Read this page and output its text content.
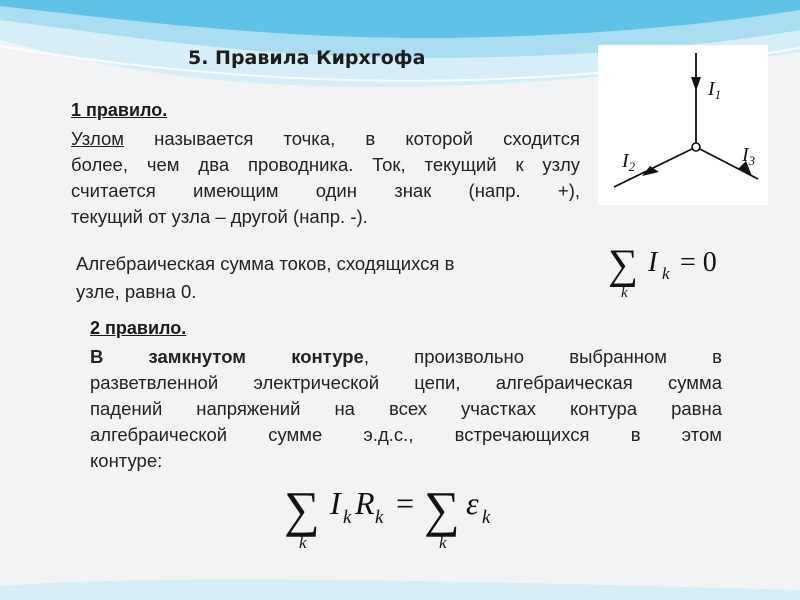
5. Правила Кирхгофа
$I_1$
$I_2$
$I_3$
1 правило.
Узлом называется точка, в которой сходится
более, чем два проводника. Ток, текущий к узлу
считается имеющим один знак (напр. +),
текущий от узла – другой (напр. -).
Алгебраическая сумма токов, сходящихся в
узле, равна 0.
∑
k
I k = 0
2 правило.
В замкнутом контуре, произвольно выбранном в
разветвленной электрической цепи, алгебраическая сумма
падений напряжений на всех участках контура равна
алгебраической сумме э.д.с., встречающихся в этом
контуре:
∑
k
I k R k = ∑
k
ε k
